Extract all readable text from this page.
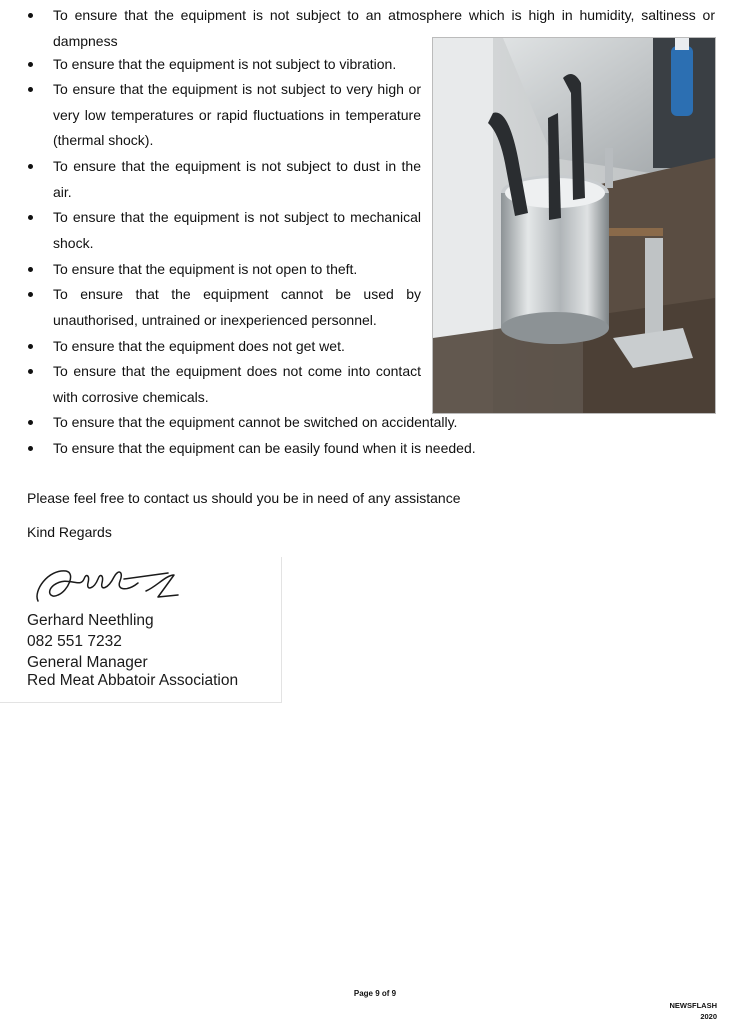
To ensure that the equipment is not subject to an atmosphere which is high in humidity, saltiness or dampness
To ensure that the equipment is not subject to vibration.
To ensure that the equipment is not subject to very high or very low temperatures or rapid fluctuations in temperature (thermal shock).
To ensure that the equipment is not subject to dust in the air.
To ensure that the equipment is not subject to mechanical shock.
To ensure that the equipment is not open to theft.
To ensure that the equipment cannot be used by unauthorised, untrained or inexperienced personnel.
To ensure that the equipment does not get wet.
To ensure that the equipment does not come into contact with corrosive chemicals.
To ensure that the equipment cannot be switched on accidentally.
To ensure that the equipment can be easily found when it is needed.
Please feel free to contact us should you be in need of any assistance
Kind Regards
Gerhard Neethling
082 551 7232
General Manager
Red Meat Abbatoir Association
Page 9 of 9
NEWSFLASH
2020
